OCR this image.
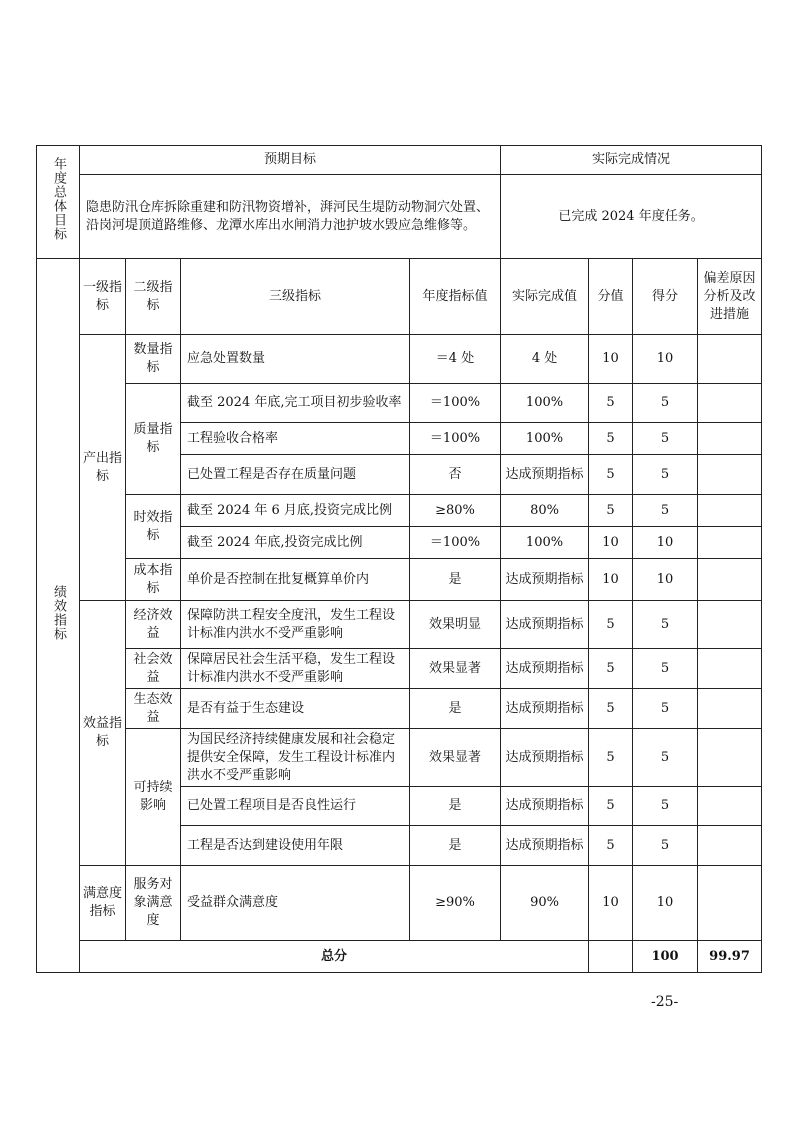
年度总体目标	预期目标				实际完成情况				
	隐患防汛仓库拆除重建和防汛物资增补，湃河民生堤防动物洞穴处置、沿岗河堤顶道路维修、龙潭水库出水闸消力池护坡水毁应急维修等。				已完成 2024 年度任务。				
绩效指标	一级指标	二级指标	三级指标	年度指标值	实际完成值	分值	得分	偏差原因分析及改进措施	
	产出指标	数量指标	应急处置数量	＝4 处	4 处	10	10		
		质量指标	截至 2024 年底,完工项目初步验收率	＝100%	100%	5	5		
			工程验收合格率	＝100%	100%	5	5		
			已处置工程是否存在质量问题	否	达成预期指标	5	5		
		时效指标	截至 2024 年 6 月底,投资完成比例	≥80%	80%	5	5		
			截至 2024 年底,投资完成比例	＝100%	100%	10	10		
		成本指标	单价是否控制在批复概算单价内	是	达成预期指标	10	10		
	效益指标	经济效益	保障防洪工程安全度汛，发生工程设计标准内洪水不受严重影响	效果明显	达成预期指标	5	5		
		社会效益	保障居民社会生活平稳，发生工程设计标准内洪水不受严重影响	效果显著	达成预期指标	5	5		
		生态效益	是否有益于生态建设	是	达成预期指标	5	5		
		可持续影响	为国民经济持续健康发展和社会稳定提供安全保障，发生工程设计标准内洪水不受严重影响	效果显著	达成预期指标	5	5		
			已处置工程项目是否良性运行	是	达成预期指标	5	5		
			工程是否达到建设使用年限	是	达成预期指标	5	5		
	满意度指标	服务对象满意度	受益群众满意度	≥90%	90%	10	10		
	总分						100	99.97	
-25-
